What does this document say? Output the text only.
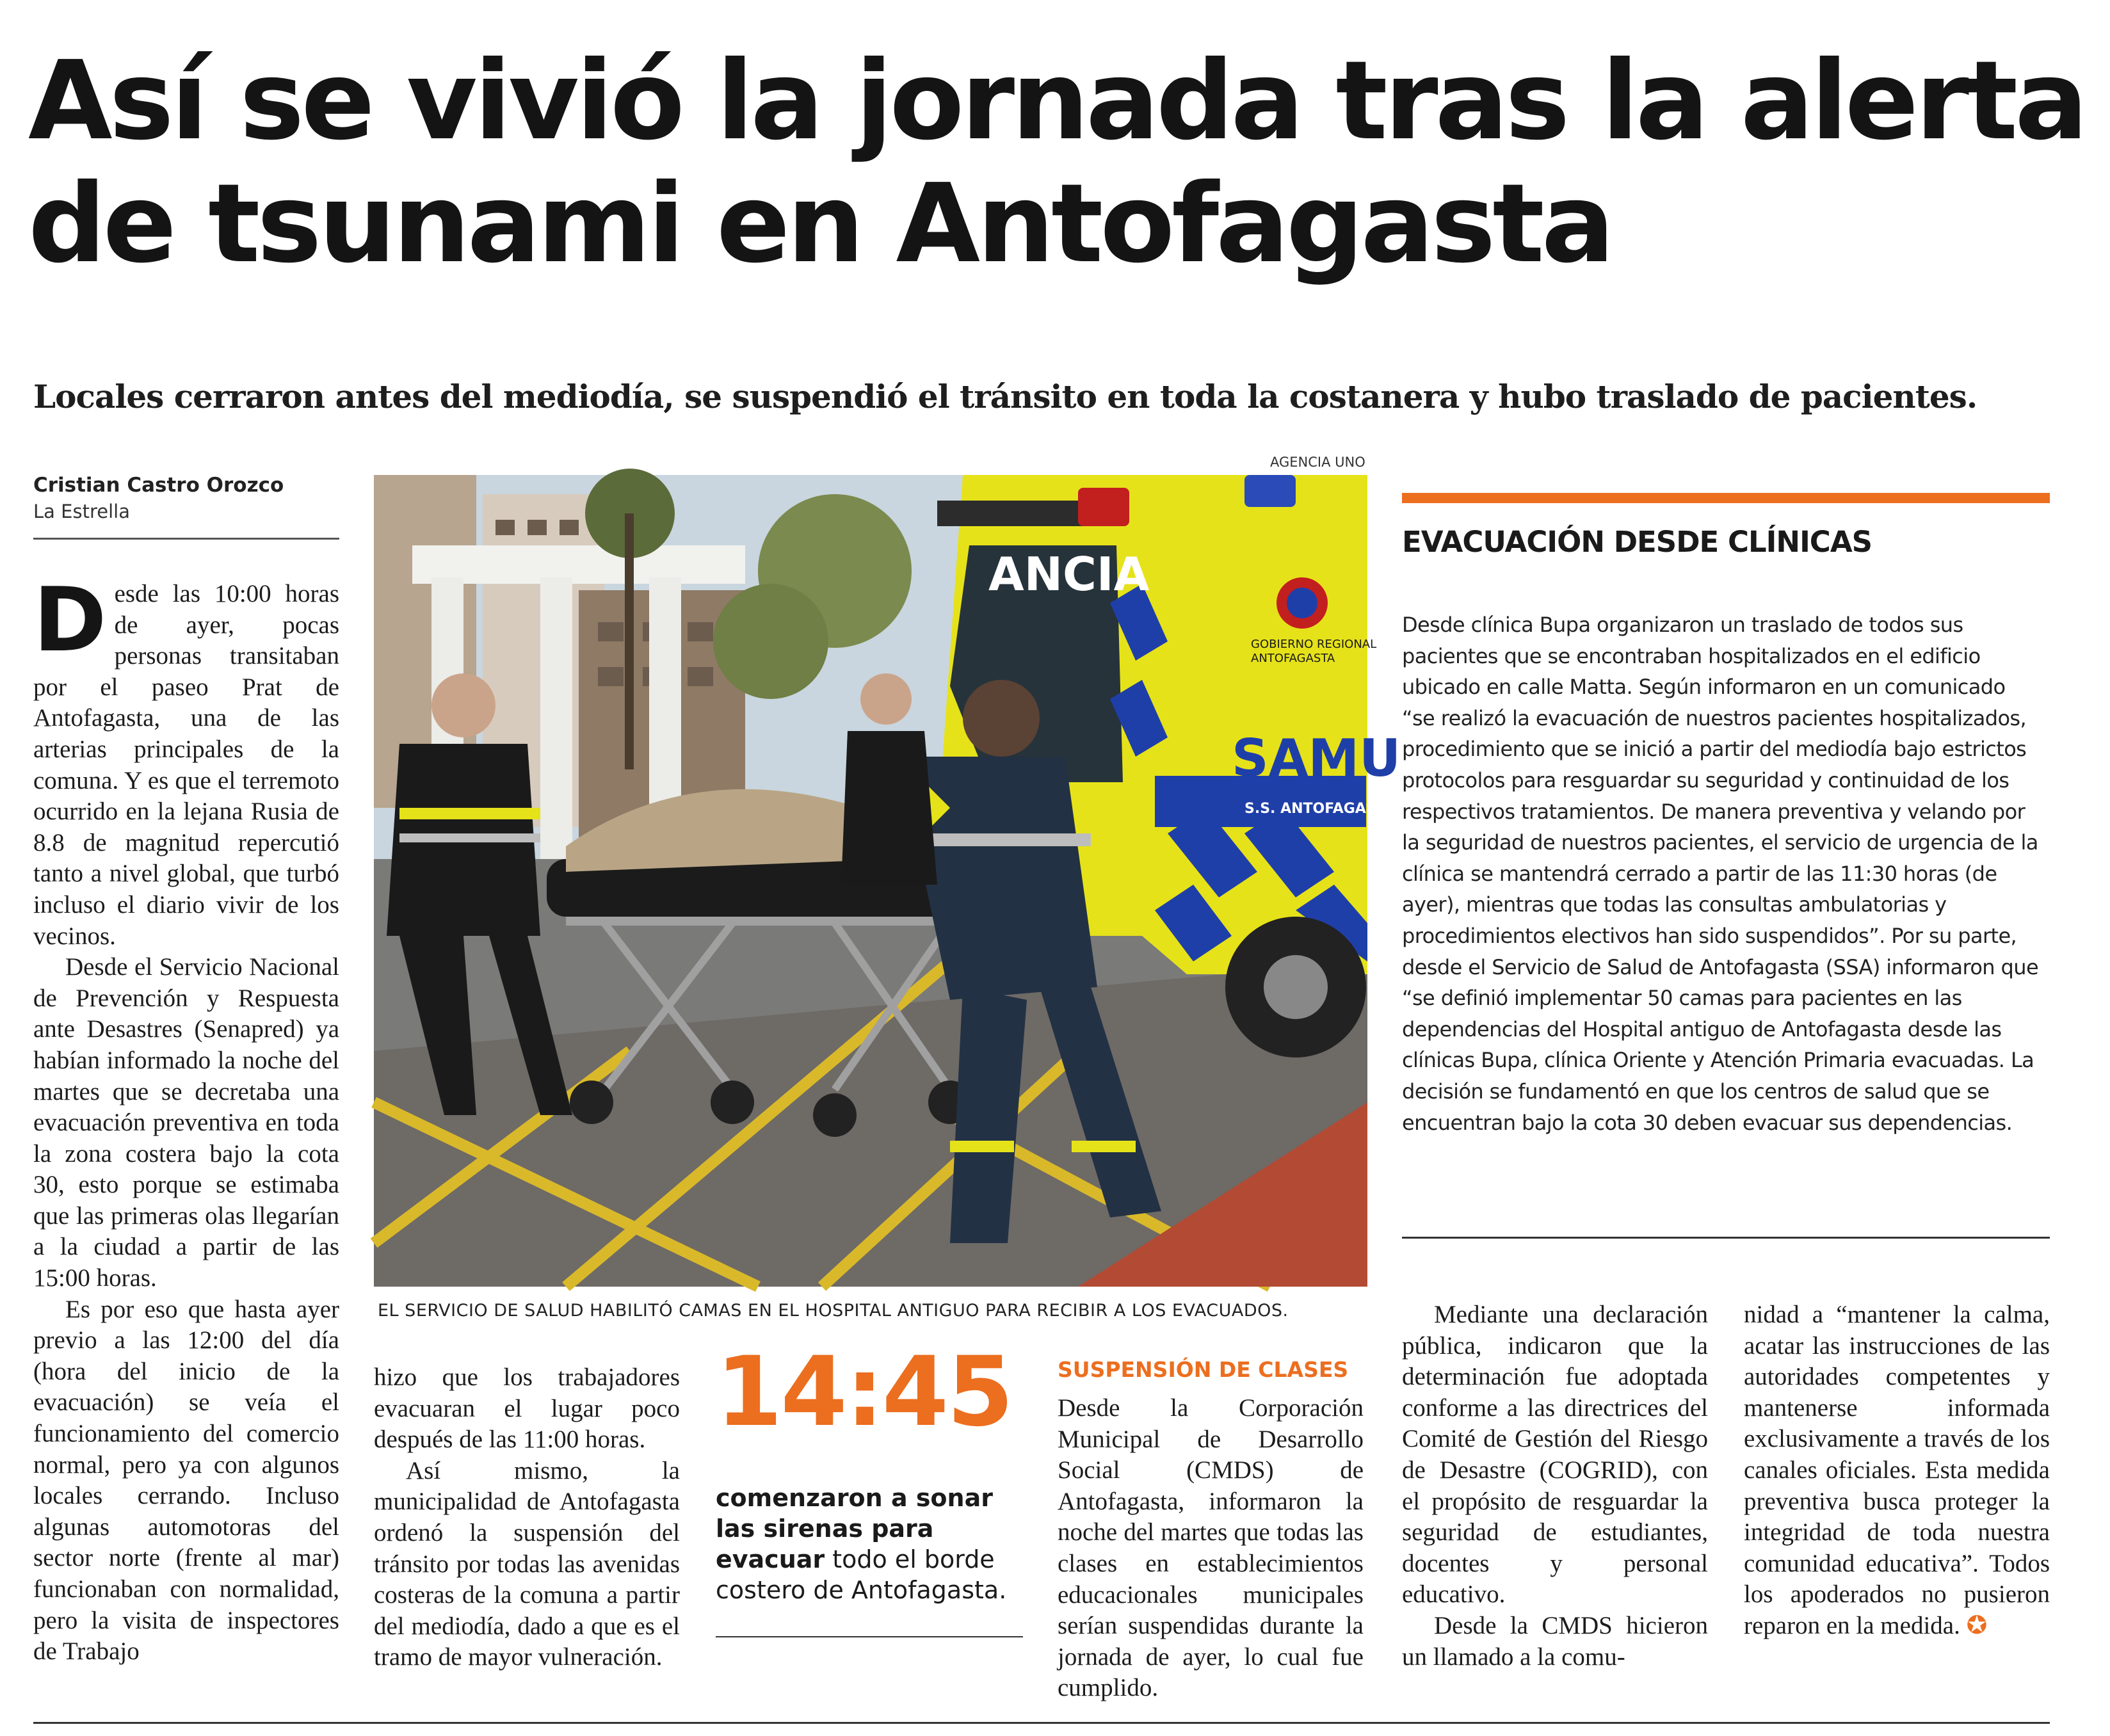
Así se vivió la jornada tras la alerta de tsunami en Antofagasta

Locales cerraron antes del mediodía, se suspendió el tránsito en toda la costanera y hubo traslado de pacientes.

Cristian Castro Orozco
La Estrella

Desde las 10:00 horas de ayer, pocas personas transitaban por el paseo Prat de Antofagasta, una de las arterias principales de la comuna. Y es que el terremoto ocurrido en la lejana Rusia de 8.8 de magnitud repercutió tanto a nivel global, que turbó incluso el diario vivir de los vecinos.

Desde el Servicio Nacional de Prevención y Respuesta ante Desastres (Senapred) ya habían informado la noche del martes que se decretaba una evacuación preventiva en toda la zona costera bajo la cota 30, esto porque se estimaba que las primeras olas llegarían a la ciudad a partir de las 15:00 horas.

Es por eso que hasta ayer previo a las 12:00 del día (hora del inicio de la evacuación) se veía el funcionamiento del comercio normal, pero ya con algunos locales cerrando. Incluso algunas automotoras del sector norte (frente al mar) funcionaban con normalidad, pero la visita de inspectores de Trabajo

AGENCIA UNO
ANCIA
SAMU
S.S. ANTOFAGASTA
GOBIERNO REGIONAL
ANTOFAGASTA
EL SERVICIO DE SALUD HABILITÓ CAMAS EN EL HOSPITAL ANTIGUO PARA RECIBIR A LOS EVACUADOS.
EVACUACIÓN DESDE CLÍNICAS

Desde clínica Bupa organizaron un traslado de todos sus pacientes que se encontraban hospitalizados en el edificio ubicado en calle Matta. Según informaron en un comunicado “se realizó la evacuación de nuestros pacientes hospitalizados, procedimiento que se inició a partir del mediodía bajo estrictos protocolos para resguardar su seguridad y continuidad de los respectivos tratamientos. De manera preventiva y velando por la seguridad de nuestros pacientes, el servicio de urgencia de la clínica se mantendrá cerrado a partir de las 11:30 horas (de ayer), mientras que todas las consultas ambulatorias y procedimientos electivos han sido suspendidos”. Por su parte, desde el Servicio de Salud de Antofagasta (SSA) informaron que “se definió implementar 50 camas para pacientes en las dependencias del Hospital antiguo de Antofagasta desde las clínicas Bupa, clínica Oriente y Atención Primaria evacuadas. La decisión se fundamentó en que los centros de salud que se encuentran bajo la cota 30 deben evacuar sus dependencias.

hizo que los trabajadores evacuaran el lugar poco después de las 11:00 horas.

Así mismo, la municipalidad de Antofagasta ordenó la suspensión del tránsito por todas las avenidas costeras de la comuna a partir del mediodía, dado a que es el tramo de mayor vulneración.

14:45
comenzaron a sonar las sirenas para evacuar todo el borde costero de Antofagasta.
SUSPENSIÓN DE CLASES

Desde la Corporación Municipal de Desarrollo Social (CMDS) de Antofagasta, informaron la noche del martes que todas las clases en establecimientos educacionales municipales serían suspendidas durante la jornada de ayer, lo cual fue cumplido.

Mediante una declaración pública, indicaron que la determinación fue adoptada conforme a las directrices del Comité de Gestión del Riesgo de Desastre (COGRID), con el propósito de resguardar la seguridad de estudiantes, docentes y personal educativo.

Desde la CMDS hicieron un llamado a la comu-

nidad a “mantener la calma, acatar las instrucciones de las autoridades competentes y mantenerse informada exclusivamente a través de los canales oficiales. Esta medida preventiva busca proteger la integridad de toda nuestra comunidad educativa”. Todos los apoderados no pusieron reparon en la medida. ✪
